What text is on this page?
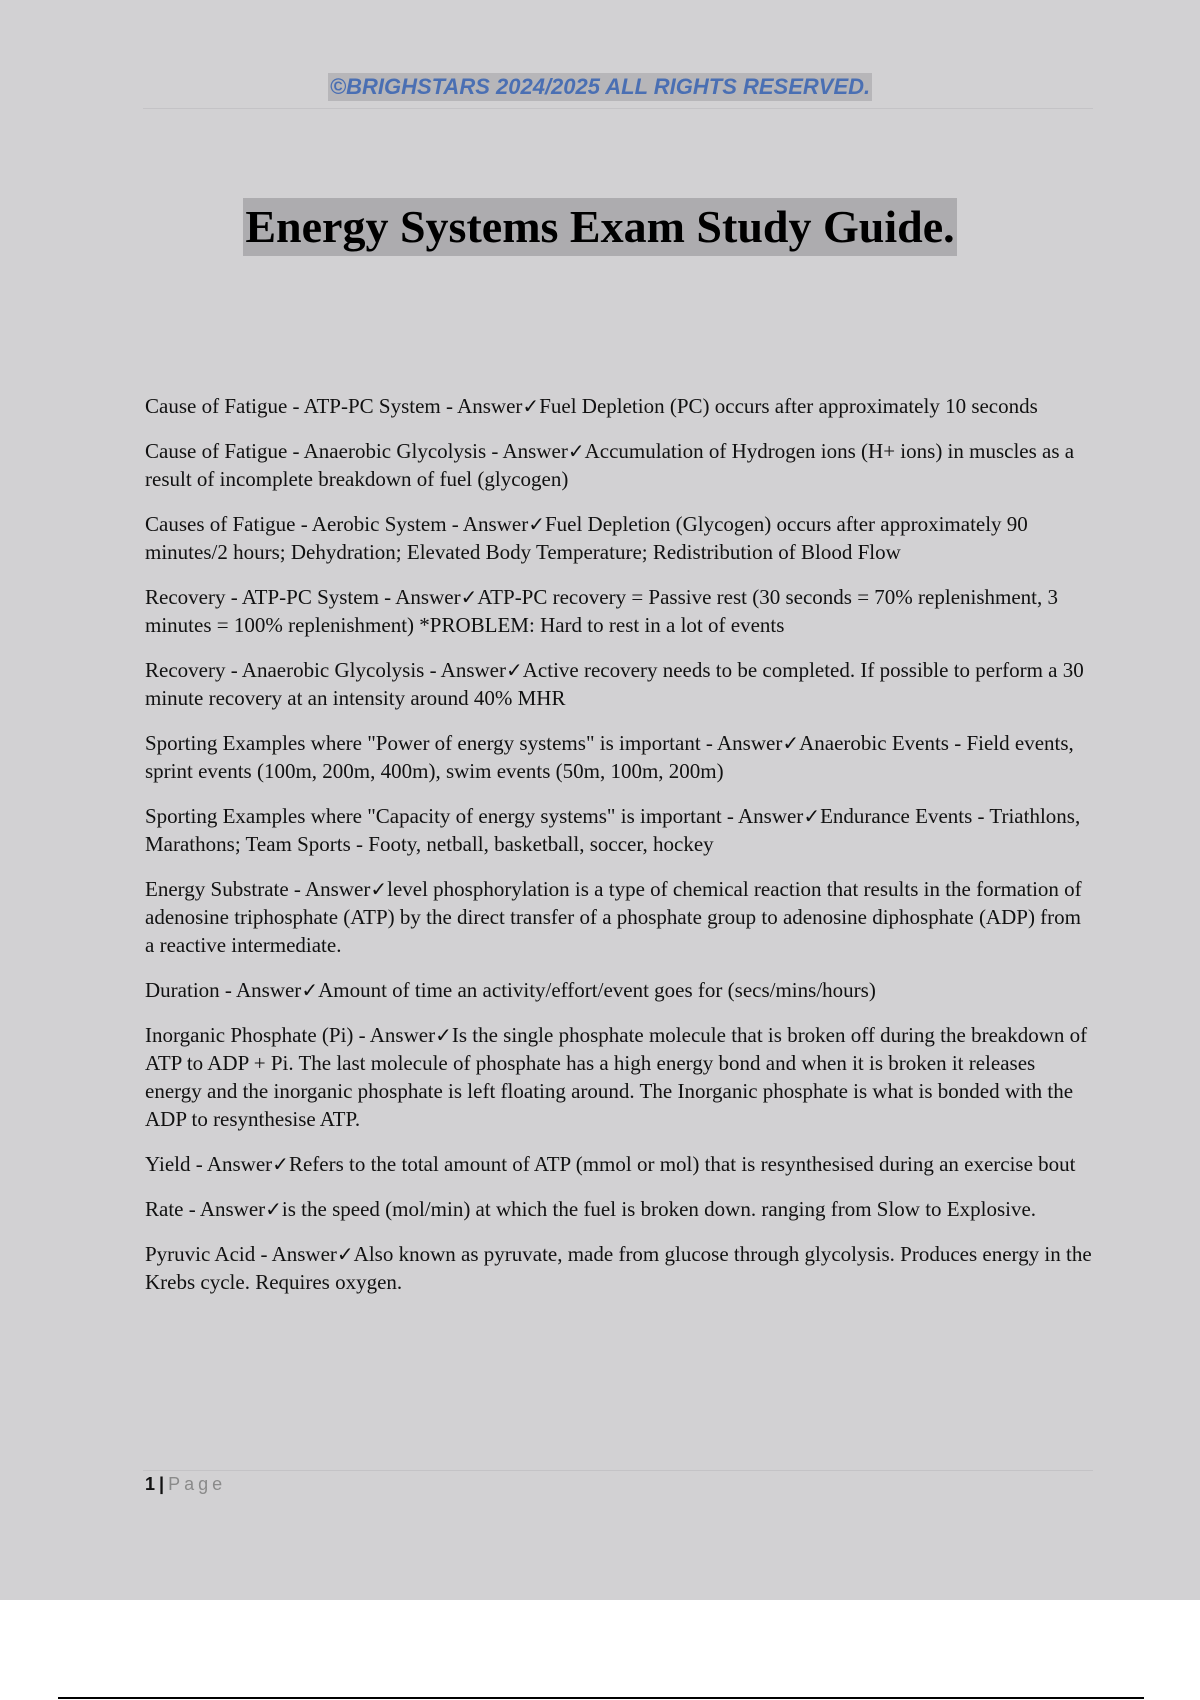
©BRIGHSTARS 2024/2025 ALL RIGHTS RESERVED.
Energy Systems Exam Study Guide.

Cause of Fatigue - ATP-PC System - Answer✓Fuel Depletion (PC) occurs after approximately 10 seconds

Cause of Fatigue - Anaerobic Glycolysis - Answer✓Accumulation of Hydrogen ions (H+ ions) in muscles as a result of incomplete breakdown of fuel (glycogen)

Causes of Fatigue - Aerobic System - Answer✓Fuel Depletion (Glycogen) occurs after approximately 90 minutes/2 hours; Dehydration; Elevated Body Temperature; Redistribution of Blood Flow

Recovery - ATP-PC System - Answer✓ATP-PC recovery = Passive rest (30 seconds = 70% replenishment, 3 minutes = 100% replenishment) *PROBLEM: Hard to rest in a lot of events

Recovery - Anaerobic Glycolysis - Answer✓Active recovery needs to be completed. If possible to perform a 30 minute recovery at an intensity around 40% MHR

Sporting Examples where "Power of energy systems" is important - Answer✓Anaerobic Events - Field events, sprint events (100m, 200m, 400m), swim events (50m, 100m, 200m)

Sporting Examples where "Capacity of energy systems" is important - Answer✓Endurance Events - Triathlons, Marathons; Team Sports - Footy, netball, basketball, soccer, hockey

Energy Substrate - Answer✓level phosphorylation is a type of chemical reaction that results in the formation of adenosine triphosphate (ATP) by the direct transfer of a phosphate group to adenosine diphosphate (ADP) from a reactive intermediate.

Duration - Answer✓Amount of time an activity/effort/event goes for (secs/mins/hours)

Inorganic Phosphate (Pi) - Answer✓Is the single phosphate molecule that is broken off during the breakdown of ATP to ADP + Pi. The last molecule of phosphate has a high energy bond and when it is broken it releases energy and the inorganic phosphate is left floating around. The Inorganic phosphate is what is bonded with the ADP to resynthesise ATP.

Yield - Answer✓Refers to the total amount of ATP (mmol or mol) that is resynthesised during an exercise bout

Rate - Answer✓is the speed (mol/min) at which the fuel is broken down. ranging from Slow to Explosive.

Pyruvic Acid - Answer✓Also known as pyruvate, made from glucose through glycolysis. Produces energy in the Krebs cycle. Requires oxygen.

1 | Page
